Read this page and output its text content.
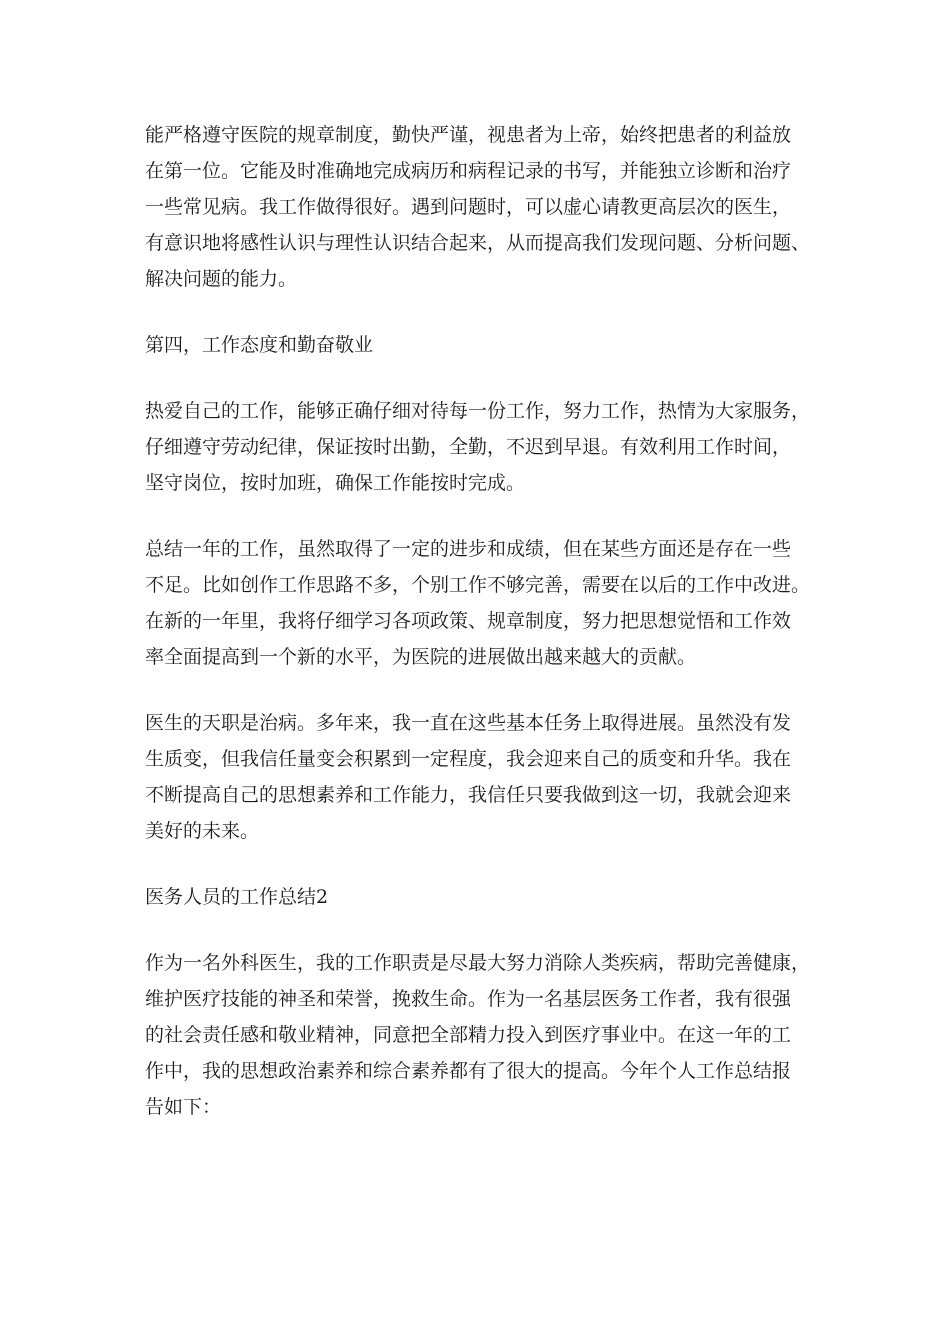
能严格遵守医院的规章制度，勤快严谨，视患者为上帝，始终把患者的利益放
在第一位。它能及时准确地完成病历和病程记录的书写，并能独立诊断和治疗
一些常见病。我工作做得很好。遇到问题时，可以虚心请教更高层次的医生，
有意识地将感性认识与理性认识结合起来，从而提高我们发现问题、分析问题、
解决问题的能力。
第四，工作态度和勤奋敬业
热爱自己的工作，能够正确仔细对待每一份工作，努力工作，热情为大家服务，
仔细遵守劳动纪律，保证按时出勤，全勤，不迟到早退。有效利用工作时间，
坚守岗位，按时加班，确保工作能按时完成。
总结一年的工作，虽然取得了一定的进步和成绩，但在某些方面还是存在一些
不足。比如创作工作思路不多，个别工作不够完善，需要在以后的工作中改进。
在新的一年里，我将仔细学习各项政策、规章制度，努力把思想觉悟和工作效
率全面提高到一个新的水平，为医院的进展做出越来越大的贡献。
医生的天职是治病。多年来，我一直在这些基本任务上取得进展。虽然没有发
生质变，但我信任量变会积累到一定程度，我会迎来自己的质变和升华。我在
不断提高自己的思想素养和工作能力，我信任只要我做到这一切，我就会迎来
美好的未来。
医务人员的工作总结2
作为一名外科医生，我的工作职责是尽最大努力消除人类疾病，帮助完善健康，
维护医疗技能的神圣和荣誉，挽救生命。作为一名基层医务工作者，我有很强
的社会责任感和敬业精神，同意把全部精力投入到医疗事业中。在这一年的工
作中，我的思想政治素养和综合素养都有了很大的提高。今年个人工作总结报
告如下：
